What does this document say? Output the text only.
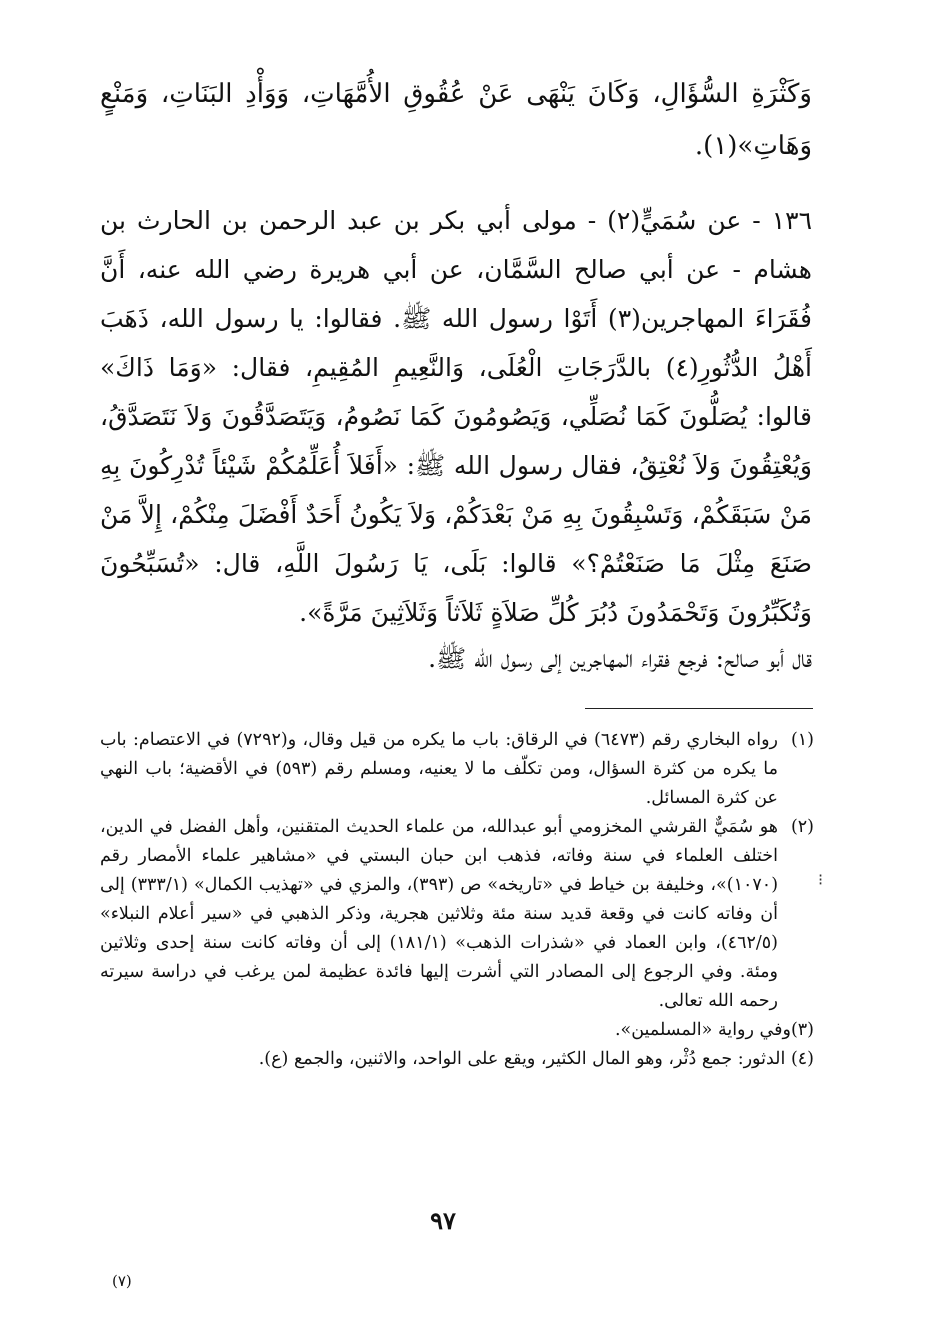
وَكَثْرَةِ السُّؤَالِ، وَكَانَ يَنْهَى عَنْ عُقُوقِ الأُمَّهَاتِ، وَوَأْدِ البَنَاتِ، وَمَنْعٍ وَهَاتِ»(١).

١٣٦ - عن سُمَيٍّ(٢) - مولى أبي بكر بن عبد الرحمن بن الحارث بن هشام - عن أبي صالح السَّمَّان، عن أبي هريرة رضي الله عنه، أَنَّ فُقَرَاءَ المهاجرين(٣) أَتَوْا رسول الله ﷺ. فقالوا: يا رسول الله، ذَهَبَ أَهْلُ الدُّثُورِ(٤) بالدَّرَجَاتِ الْعُلَى، وَالنَّعِيمِ المُقِيمِ، فقال: «وَمَا ذَاكَ» قالوا: يُصَلُّونَ كَمَا نُصَلِّي، وَيَصُومُونَ كَمَا نَصُومُ، وَيَتَصَدَّقُونَ وَلاَ نَتَصَدَّقُ، وَيُعْتِقُونَ وَلاَ نُعْتِقُ، فقال رسول الله ﷺ: «أَفَلاَ أُعَلِّمُكُمْ شَيْئاً تُدْرِكُونَ بِهِ مَنْ سَبَقَكُمْ، وَتَسْبِقُونَ بِهِ مَنْ بَعْدَكُمْ، وَلاَ يَكُونُ أَحَدٌ أَفْضَلَ مِنْكُمْ، إِلاَّ مَنْ صَنَعَ مِثْلَ مَا صَنَعْتُمْ؟» قالوا: بَلَى، يَا رَسُولَ اللَّهِ، قال: «تُسَبِّحُونَ وَتُكَبِّرُونَ وَتَحْمَدُونَ دُبُرَ كُلِّ صَلاَةٍ ثَلاَثاً وَثَلاَثِينَ مَرَّةً».

قال أبو صالح: فرجع فقراء المهاجرين إلى رسول الله ﷺ.

⁝
(١)
رواه البخاري رقم (٦٤٧٣) في الرقاق: باب ما يكره من قيل وقال، و(٧٢٩٢) في الاعتصام: باب ما يكره من كثرة السؤال، ومن تكلّف ما لا يعنيه، ومسلم رقم (٥٩٣) في الأقضية؛ باب النهي عن كثرة المسائل.
(٢)
هو سُمَيٌّ القرشي المخزومي أبو عبدالله، من علماء الحديث المتقنين، وأهل الفضل في الدين، اختلف العلماء في سنة وفاته، فذهب ابن حبان البستي في «مشاهير علماء الأمصار رقم (١٠٧٠)»، وخليفة بن خياط في «تاريخه» ص (٣٩٣)، والمزي في «تهذيب الكمال» (٣٣٣/١) إلى أن وفاته كانت في وقعة قديد سنة مئة وثلاثين هجرية، وذكر الذهبي في «سير أعلام النبلاء» (٤٦٢/٥)، وابن العماد في «شذرات الذهب» (١٨١/١) إلى أن وفاته كانت سنة إحدى وثلاثين ومئة. وفي الرجوع إلى المصادر التي أشرت إليها فائدة عظيمة لمن يرغب في دراسة سيرته رحمه الله تعالى.
(٣)وفي رواية «المسلمين».
(٤) الدثور: جمع دُثْر، وهو المال الكثير، ويقع على الواحد، والاثنين، والجمع (ع).
٩٧
(٧)
